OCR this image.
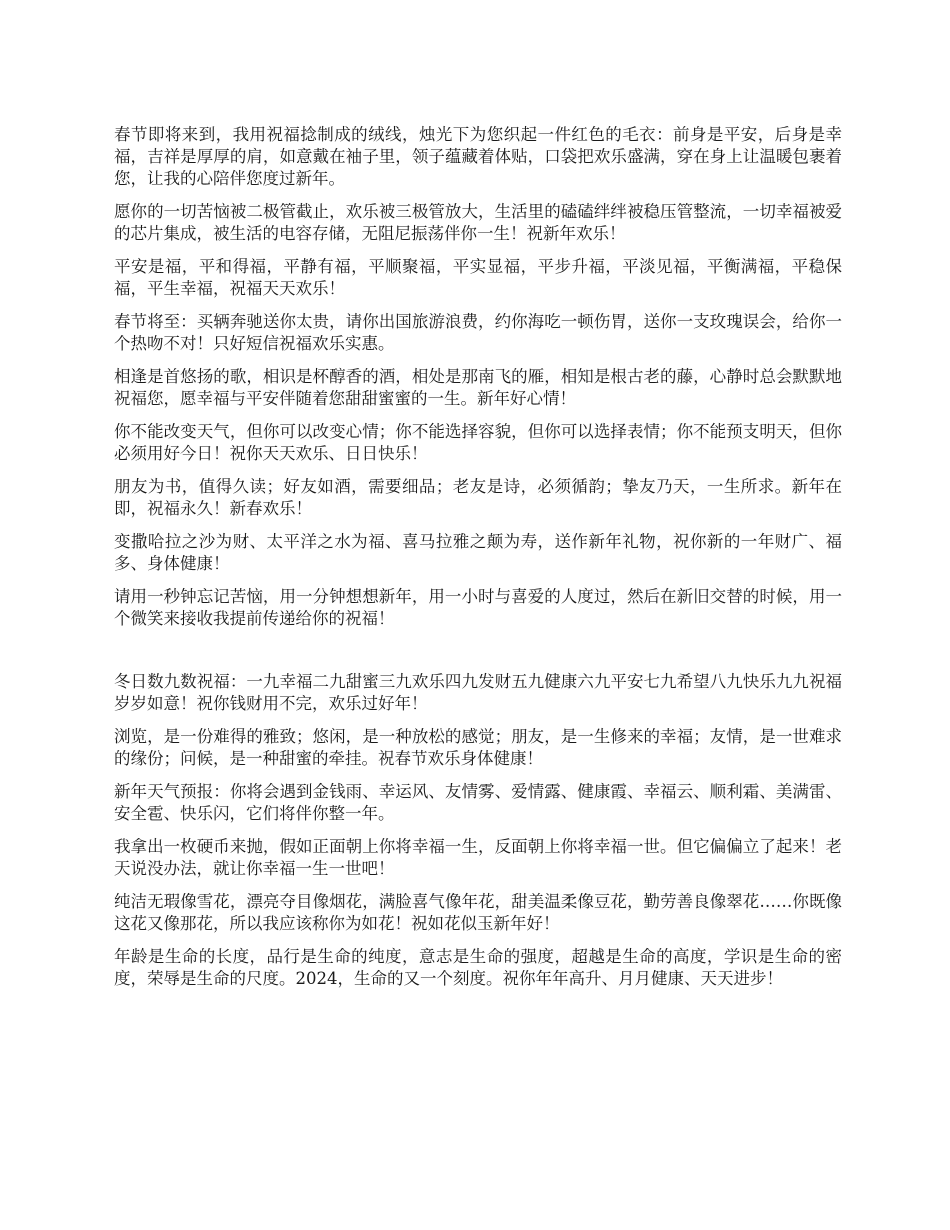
春节即将来到，我用祝福捻制成的绒线，烛光下为您织起一件红色的毛衣：前身是平安，后身是幸福，吉祥是厚厚的肩，如意戴在袖子里，领子蕴藏着体贴，口袋把欢乐盛满，穿在身上让温暖包裹着您，让我的心陪伴您度过新年。

愿你的一切苦恼被二极管截止，欢乐被三极管放大，生活里的磕磕绊绊被稳压管整流，一切幸福被爱的芯片集成，被生活的电容存储，无阻尼振荡伴你一生！祝新年欢乐！

平安是福，平和得福，平静有福，平顺聚福，平实显福，平步升福，平淡见福，平衡满福，平稳保福，平生幸福，祝福天天欢乐！

春节将至：买辆奔驰送你太贵，请你出国旅游浪费，约你海吃一顿伤胃，送你一支玫瑰误会，给你一个热吻不对！只好短信祝福欢乐实惠。

相逢是首悠扬的歌，相识是杯醇香的酒，相处是那南飞的雁，相知是根古老的藤，心静时总会默默地祝福您，愿幸福与平安伴随着您甜甜蜜蜜的一生。新年好心情！

你不能改变天气，但你可以改变心情；你不能选择容貌，但你可以选择表情；你不能预支明天，但你必须用好今日！祝你天天欢乐、日日快乐！

朋友为书，值得久读；好友如酒，需要细品；老友是诗，必须循韵；挚友乃天，一生所求。新年在即，祝福永久！新春欢乐！

变撒哈拉之沙为财、太平洋之水为福、喜马拉雅之颠为寿，送作新年礼物，祝你新的一年财广、福多、身体健康！

请用一秒钟忘记苦恼，用一分钟想想新年，用一小时与喜爱的人度过，然后在新旧交替的时候，用一个微笑来接收我提前传递给你的祝福！

冬日数九数祝福：一九幸福二九甜蜜三九欢乐四九发财五九健康六九平安七九希望八九快乐九九祝福岁岁如意！祝你钱财用不完，欢乐过好年！

浏览，是一份难得的雅致；悠闲，是一种放松的感觉；朋友，是一生修来的幸福；友情，是一世难求的缘份；问候，是一种甜蜜的牵挂。祝春节欢乐身体健康！

新年天气预报：你将会遇到金钱雨、幸运风、友情雾、爱情露、健康霞、幸福云、顺利霜、美满雷、安全雹、快乐闪，它们将伴你整一年。

我拿出一枚硬币来抛，假如正面朝上你将幸福一生，反面朝上你将幸福一世。但它偏偏立了起来！老天说没办法，就让你幸福一生一世吧！

纯洁无瑕像雪花，漂亮夺目像烟花，满脸喜气像年花，甜美温柔像豆花，勤劳善良像翠花……你既像这花又像那花，所以我应该称你为如花！祝如花似玉新年好！

年龄是生命的长度，品行是生命的纯度，意志是生命的强度，超越是生命的高度，学识是生命的密度，荣辱是生命的尺度。2024，生命的又一个刻度。祝你年年高升、月月健康、天天进步！
